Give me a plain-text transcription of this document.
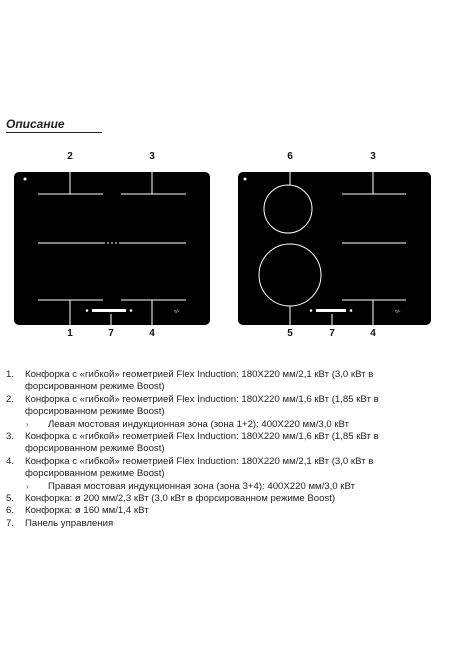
Описание
2	3
≈∕◦
1	7	4
6	3
≈∕◦
5	7	4
1.	Конфорка с «гибкой» геометрией Flex Induction: 180X220 мм/2,1 кВт (3,0 кВт в
форсированном режиме Boost)
2.	Конфорка с «гибкой» геометрией Flex Induction: 180X220 мм/1,6 кВт (1,85 кВт в
форсированном режиме Boost)
›	Левая мостовая индукционная зона (зона 1+2): 400X220 мм/3,0 кВт
3.	Конфорка с «гибкой» геометрией Flex Induction: 180X220 мм/1,6 кВт (1,85 кВт в
форсированном режиме Boost)
4.	Конфорка с «гибкой» геометрией Flex Induction: 180X220 мм/2,1 кВт (3,0 кВт в
форсированном режиме Boost)
›	Правая мостовая индукционная зона (зона 3+4): 400X220 мм/3,0 кВт
5.	Конфорка: ø 200 мм/2,3 кВт (3,0 кВт в форсированном режиме Boost)
6.	Конфорка: ø 160 мм/1,4 кВт
7.	Панель управления
